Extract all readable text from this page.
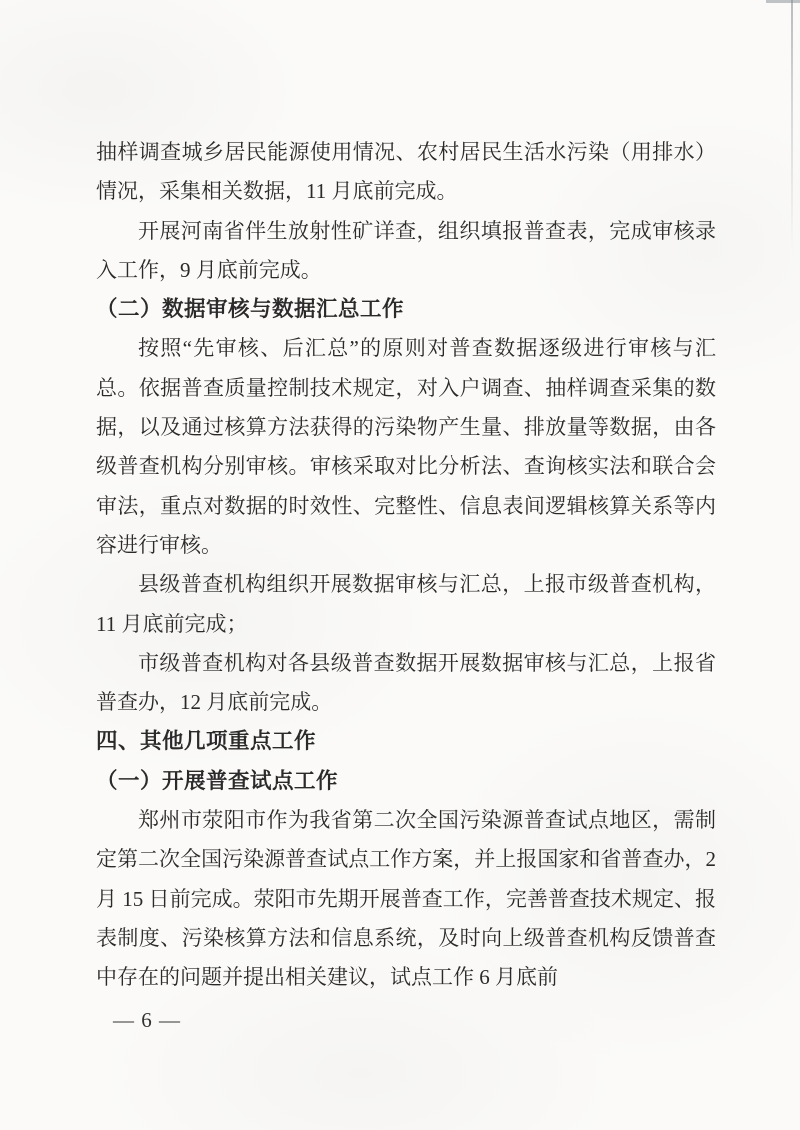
抽样调查城乡居民能源使用情况、农村居民生活水污染（用排水）情况，采集相关数据，11 月底前完成。

开展河南省伴生放射性矿详查，组织填报普查表，完成审核录入工作，9 月底前完成。

（二）数据审核与数据汇总工作

按照“先审核、后汇总”的原则对普查数据逐级进行审核与汇总。依据普查质量控制技术规定，对入户调查、抽样调查采集的数据，以及通过核算方法获得的污染物产生量、排放量等数据，由各级普查机构分别审核。审核采取对比分析法、查询核实法和联合会审法，重点对数据的时效性、完整性、信息表间逻辑核算关系等内容进行审核。

县级普查机构组织开展数据审核与汇总，上报市级普查机构，11 月底前完成；

市级普查机构对各县级普查数据开展数据审核与汇总，上报省普查办，12 月底前完成。

四、其他几项重点工作
（一）开展普查试点工作

郑州市荥阳市作为我省第二次全国污染源普查试点地区，需制定第二次全国污染源普查试点工作方案，并上报国家和省普查办，2 月 15 日前完成。荥阳市先期开展普查工作，完善普查技术规定、报表制度、污染核算方法和信息系统，及时向上级普查机构反馈普查中存在的问题并提出相关建议，试点工作 6 月底前

— 6 —
